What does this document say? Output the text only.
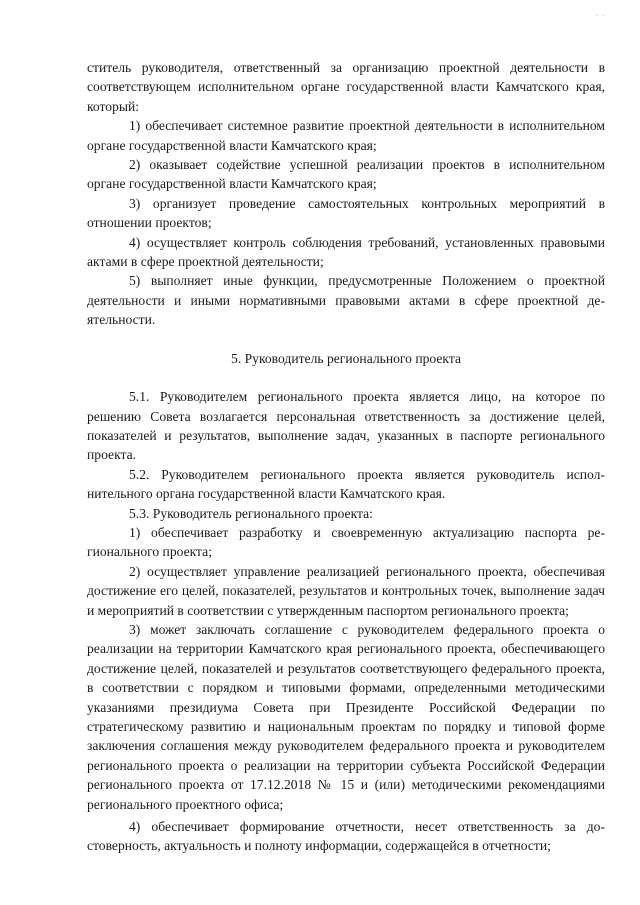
· ·

ститель руководителя, ответственный за организацию проектной деятельности в соответствующем исполнительном органе государственной власти Камчатского края, который:

1) обеспечивает системное развитие проектной деятельности в исполнительном органе государственной власти Камчатского края;

2) оказывает содействие успешной реализации проектов в исполнительном органе государственной власти Камчатского края;

3) организует проведение самостоятельных контрольных мероприятий в отношении проектов;

4) осуществляет контроль соблюдения требований, установленных правовыми актами в сфере проектной деятельности;

5) выполняет иные функции, предусмотренные Положением о проектной деятельности и иными нормативными правовыми актами в сфере проектной деятельности.

5. Руководитель регионального проекта

5.1. Руководителем регионального проекта является лицо, на которое по решению Совета возлагается персональная ответственность за достижение целей, показателей и результатов, выполнение задач, указанных в паспорте регионального проекта.

5.2. Руководителем регионального проекта является руководитель исполнительного органа государственной власти Камчатского края.

5.3. Руководитель регионального проекта:

1) обеспечивает разработку и своевременную актуализацию паспорта регионального проекта;

2) осуществляет управление реализацией регионального проекта, обеспечивая достижение его целей, показателей, результатов и контрольных точек, выполнение задач и мероприятий в соответствии с утвержденным паспортом регионального проекта;

3) может заключать соглашение с руководителем федерального проекта о реализации на территории Камчатского края регионального проекта, обеспечивающего достижение целей, показателей и результатов соответствующего федерального проекта, в соответствии с порядком и типовыми формами, определенными методическими указаниями президиума Совета при Президенте Российской Федерации по стратегическому развитию и национальным проектам по порядку и типовой форме заключения соглашения между руководителем федерального проекта и руководителем регионального проекта о реализации на территории субъекта Российской Федерации регионального проекта от 17.12.2018 № 15 и (или) методическими рекомендациями регионального проектного офиса;

4) обеспечивает формирование отчетности, несет ответственность за достоверность, актуальность и полноту информации, содержащейся в отчетности;
